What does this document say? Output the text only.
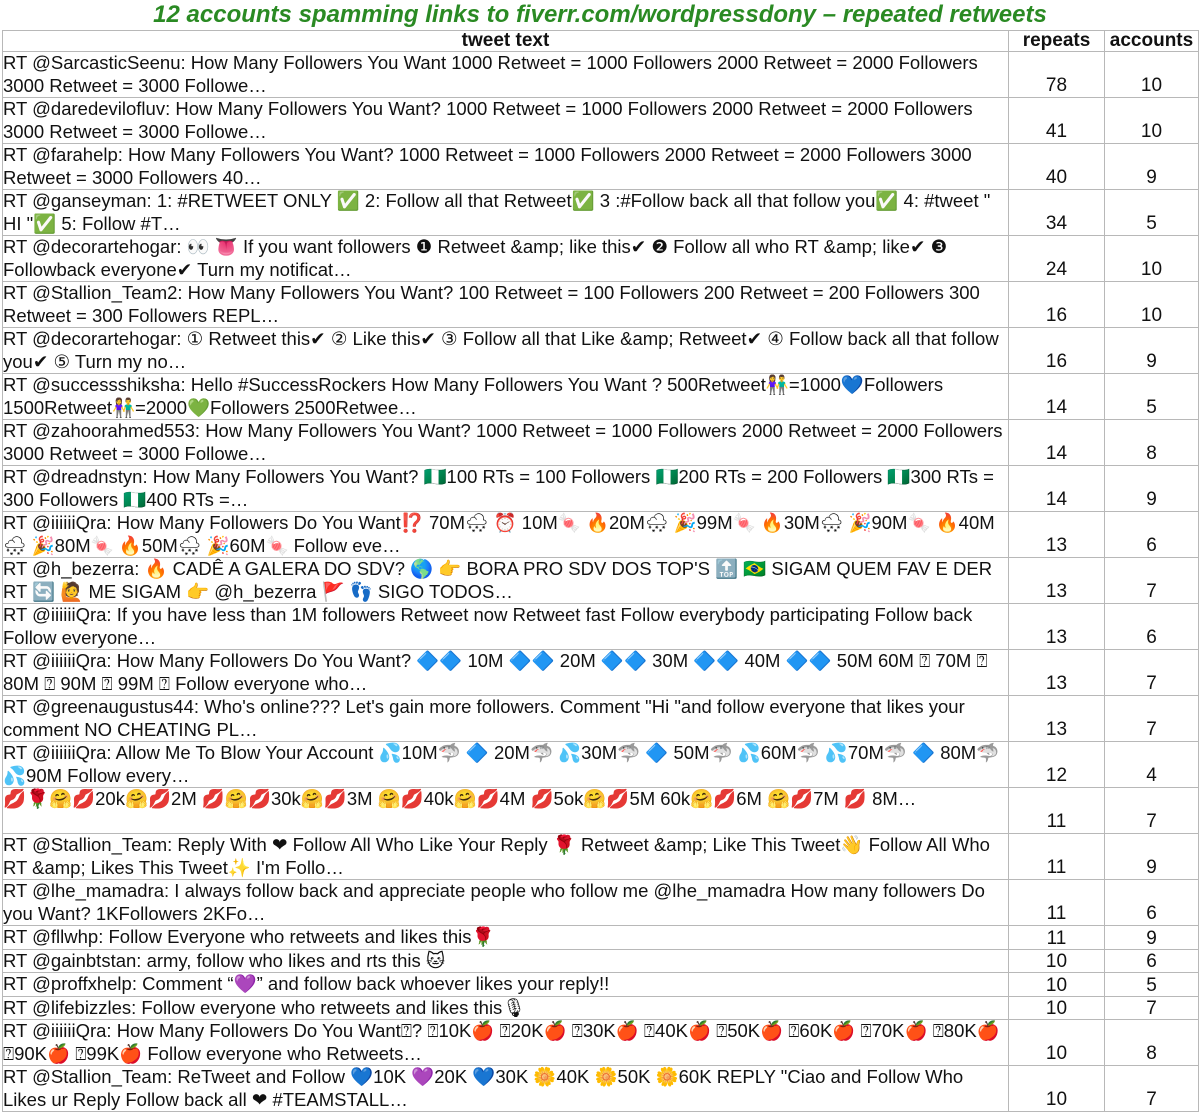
12 accounts spamming links to fiverr.com/wordpressdony – repeated retweets
tweet text	repeats	accounts
RT @SarcasticSeenu: How Many Followers You Want 1000 Retweet = 1000 Followers 2000 Retweet = 2000 Followers 3000 Retweet = 3000 Followe…	78	10
RT @daredevilofluv: How Many Followers You Want? 1000 Retweet = 1000 Followers 2000 Retweet = 2000 Followers 3000 Retweet = 3000 Followe…	41	10
RT @farahelp: How Many Followers You Want? 1000 Retweet = 1000 Followers 2000 Retweet = 2000 Followers 3000 Retweet = 3000 Followers 40…	40	9
RT @ganseyman: 1: #RETWEET ONLY ✅ 2: Follow all that Retweet✅ 3 :#Follow back all that follow you✅ 4: #tweet " HI "✅ 5: Follow #T…	34	5
RT @decorartehogar: 👀 👅 If you want followers ❶ Retweet &amp; like this✔ ❷ Follow all who RT &amp; like✔ ❸ Followback everyone✔ Turn my notificat…	24	10
RT @Stallion_Team2: How Many Followers You Want? 100 Retweet = 100 Followers 200 Retweet = 200 Followers 300 Retweet = 300 Followers REPL…	16	10
RT @decorartehogar: ① Retweet this✔ ② Like this✔ ③ Follow all that Like &amp; Retweet✔ ④ Follow back all that follow you✔ ⑤ Turn my no…	16	9
RT @successshiksha: Hello #SuccessRockers How Many Followers You Want ? 500Retweet👫=1000💙Followers 1500Retweet👫=2000💚Followers 2500Retwee…	14	5
RT @zahoorahmed553: How Many Followers You Want? 1000 Retweet = 1000 Followers 2000 Retweet = 2000 Followers 3000 Retweet = 3000 Followe…	14	8
RT @dreadnstyn: How Many Followers You Want? 🇳🇬100 RTs = 100 Followers 🇳🇬200 RTs = 200 Followers 🇳🇬300 RTs = 300 Followers 🇳🇬400 RTs =…	14	9
RT @iiiiiiQra: How Many Followers Do You Want⁉️ 70M🌨 ⏰ 10M🍬 🔥20M🌨 🎉99M🍬 🔥30M🌨 🎉90M🍬 🔥40M🌨 🎉80M🍬 🔥50M🌨 🎉60M🍬 Follow eve…	13	6
RT @h_bezerra: 🔥 CADÊ A GALERA DO SDV? 🌎 👉 BORA PRO SDV DOS TOP'S 🔝 🇧🇷 SIGAM QUEM FAV E DER RT 🔄 🙋 ME SIGAM 👉 @h_bezerra 🚩 👣 SIGO TODOS…	13	7
RT @iiiiiiQra: If you have less than 1M followers Retweet now Retweet fast Follow everybody participating Follow back Follow everyone…	13	6
RT @iiiiiiQra: How Many Followers Do You Want? 🔷🔷 10M 🔷🔷 20M 🔷🔷 30M 🔷🔷 40M 🔷🔷 50M 60M ⍰ 70M ⍰ 80M ⍰ 90M ⍰ 99M ⍰ Follow everyone who…	13	7
RT @greenaugustus44: Who's online??? Let's gain more followers. Comment "Hi "and follow everyone that likes your comment NO CHEATING PL…	13	7
RT @iiiiiiQra: Allow Me To Blow Your Account 💦10M🦈 🔷 20M🦈 💦30M🦈 🔷 50M🦈 💦60M🦈 💦70M🦈 🔷 80M🦈 💦90M Follow every…	12	4
💋🌹🤗💋20k🤗💋2M 💋🤗💋30k🤗💋3M 🤗💋40k🤗💋4M 💋5ok🤗💋5M 60k🤗💋6M 🤗💋7M 💋 8M…	11	7
RT @Stallion_Team: Reply With ❤ Follow All Who Like Your Reply 🌹 Retweet &amp; Like This Tweet👋 Follow All Who RT &amp; Likes This Tweet✨ I'm Follo…	11	9
RT @lhe_mamadra: I always follow back and appreciate people who follow me @lhe_mamadra How many followers Do you Want? 1KFollowers 2KFo…	11	6
RT @fllwhp: Follow Everyone who retweets and likes this🌹	11	9
RT @gainbtstan: army, follow who likes and rts this 🐱	10	6
RT @proffxhelp: Comment “💜” and follow back whoever likes your reply!!	10	5
RT @lifebizzles: Follow everyone who retweets and likes this🎙	10	7
RT @iiiiiiQra: How Many Followers Do You Want⍰? ⍰10K🍎 ⍰20K🍎 ⍰30K🍎 ⍰40K🍎 ⍰50K🍎 ⍰60K🍎 ⍰70K🍎 ⍰80K🍎 ⍰90K🍎 ⍰99K🍎 Follow everyone who Retweets…	10	8
RT @Stallion_Team: ReTweet and Follow 💙10K 💜20K 💙30K 🌼40K 🌼50K 🌼60K REPLY "Ciao and Follow Who Likes ur Reply Follow back all ❤ #TEAMSTALL…	10	7
